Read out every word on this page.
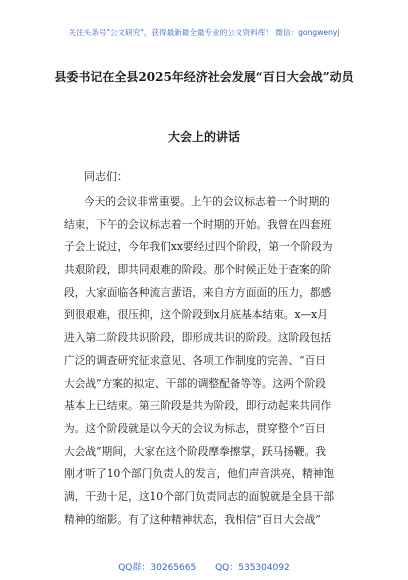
关注头条号"公文研究"，获得最新最全最专业的公文资料库！ 微信：gongwenyj
县委书记在全县2025年经济社会发展“百日大会战”动员
大会上的讲话
同志们：
今天的会议非常重要。上午的会议标志着一个时期的
结束，下午的会议标志着一个时期的开始。我曾在四套班
子会上说过，今年我们xx要经过四个阶段，第一个阶段为
共艰阶段，即共同艰难的阶段。那个时候正处于查案的阶
段，大家面临各种流言蜚语，来自方方面面的压力，都感
到很艰难，很压抑，这个阶段到x月底基本结束。x—x月
进入第二阶段共识阶段，即形成共识的阶段。这阶段包括
广泛的调查研究征求意见、各项工作制度的完善、“百日
大会战”方案的拟定、干部的调整配备等等。这两个阶段
基本上已结束。第三阶段是共为阶段，即行动起来共同作
为。这个阶段就是以今天的会议为标志，贯穿整个“百日
大会战”期间，大家在这个阶段摩拳擦掌，跃马扬鞭。我
刚才听了10个部门负责人的发言，他们声音洪亮，精神饱
满，干劲十足，这10个部门负责同志的面貌就是全县干部
精神的缩影。有了这种精神状态，我相信“百日大会战”
QQ群：30265665 QQ：535304092
